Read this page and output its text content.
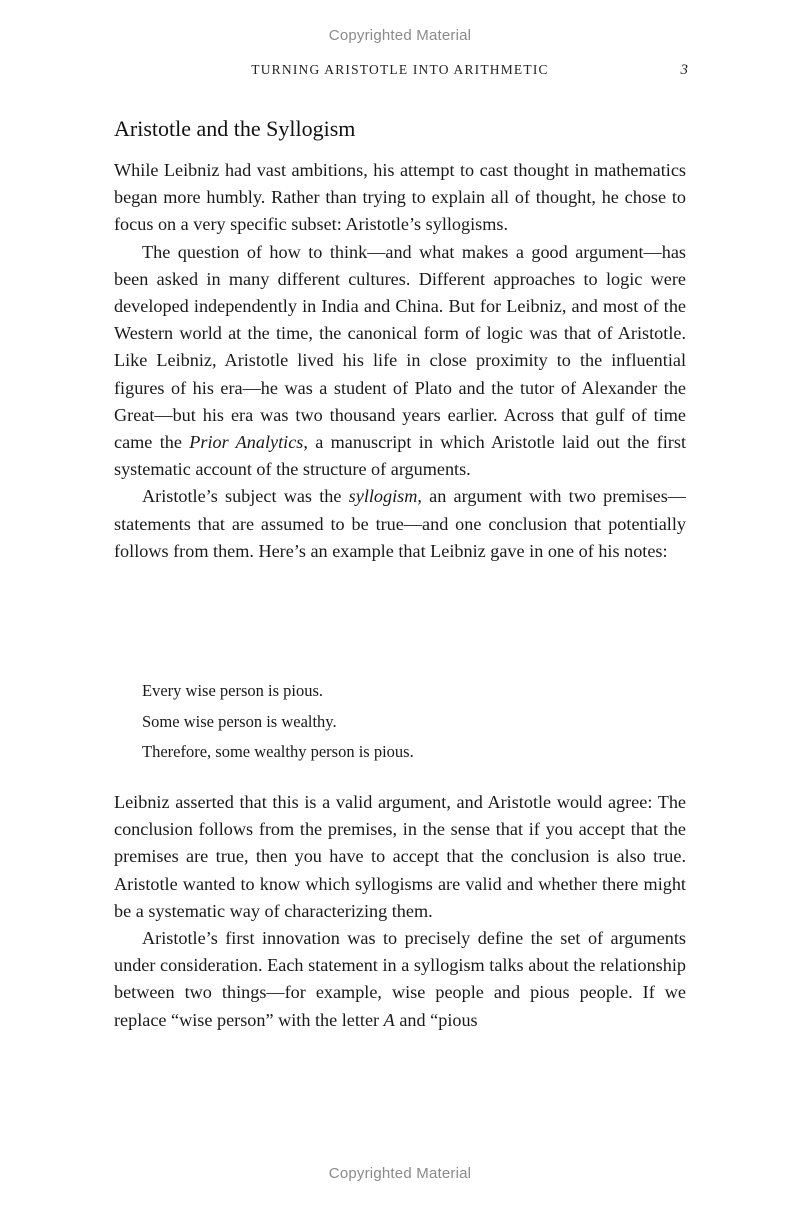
Copyrighted Material
TURNING ARISTOTLE INTO ARITHMETIC	3
Aristotle and the Syllogism

While Leibniz had vast ambitions, his attempt to cast thought in mathematics began more humbly. Rather than trying to explain all of thought, he chose to focus on a very specific subset: Aristotle’s syllogisms.

The question of how to think—and what makes a good argument—has been asked in many different cultures. Different approaches to logic were developed independently in India and China. But for Leibniz, and most of the Western world at the time, the canonical form of logic was that of Aristotle. Like Leibniz, Aristotle lived his life in close proximity to the influential figures of his era—he was a student of Plato and the tutor of Alexander the Great—but his era was two thousand years earlier. Across that gulf of time came the Prior Analytics, a manuscript in which Aristotle laid out the first systematic account of the structure of arguments.

Aristotle’s subject was the syllogism, an argument with two premises—statements that are assumed to be true—and one conclusion that potentially follows from them. Here’s an example that Leibniz gave in one of his notes:

Every wise person is pious.
Some wise person is wealthy.
Therefore, some wealthy person is pious.

Leibniz asserted that this is a valid argument, and Aristotle would agree: The conclusion follows from the premises, in the sense that if you accept that the premises are true, then you have to accept that the conclusion is also true. Aristotle wanted to know which syllogisms are valid and whether there might be a systematic way of characterizing them.

Aristotle’s first innovation was to precisely define the set of arguments under consideration. Each statement in a syllogism talks about the relationship between two things—for example, wise people and pious people. If we replace “wise person” with the letter A and “pious

Copyrighted Material
